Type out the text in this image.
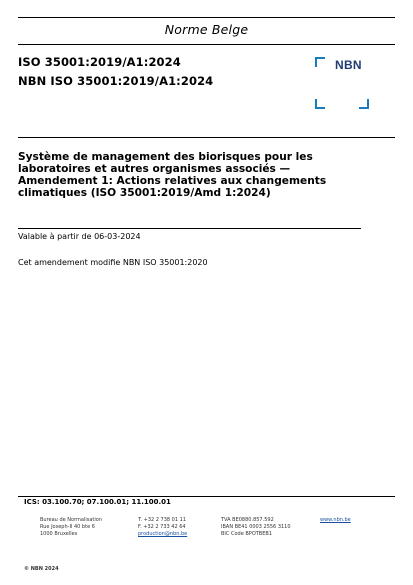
Norme Belge
ISO 35001:2019/A1:2024
NBN ISO 35001:2019/A1:2024
NBN
Système de management des biorisques pour les laboratoires et autres organismes associés — Amendement 1: Actions relatives aux changements climatiques (ISO 35001:2019/Amd 1:2024)
Valable à partir de 06-03-2024
Cet amendement modifie NBN ISO 35001:2020
ICS: 03.100.70; 07.100.01; 11.100.01
Bureau de Normalisation
Rue Joseph-II 40 bte 6
1000 Bruxelles
T. +32 2 738 01 11
F. +32 2 733 42 64
production@nbn.be
TVA BE0880.857.592
IBAN BE41 0003 2556 3110
BIC Code BPOTBEB1
www.nbn.be
© NBN 2024
